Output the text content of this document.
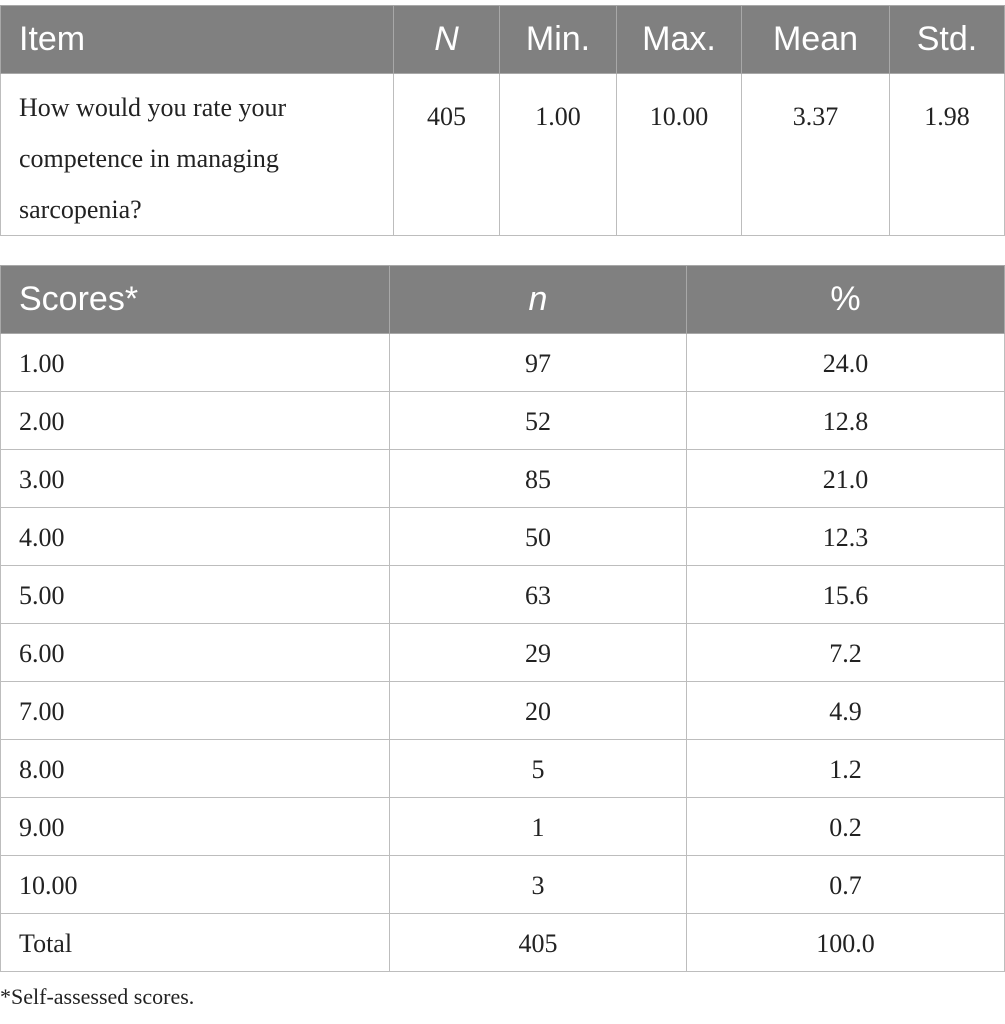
Item	N	Min.	Max.	Mean	Std.
How would you rate your competence in managing sarcopenia?	405	1.00	10.00	3.37	1.98
Scores*	n	%
1.00	97	24.0
2.00	52	12.8
3.00	85	21.0
4.00	50	12.3
5.00	63	15.6
6.00	29	7.2
7.00	20	4.9
8.00	5	1.2
9.00	1	0.2
10.00	3	0.7
Total	405	100.0
*Self-assessed scores.
